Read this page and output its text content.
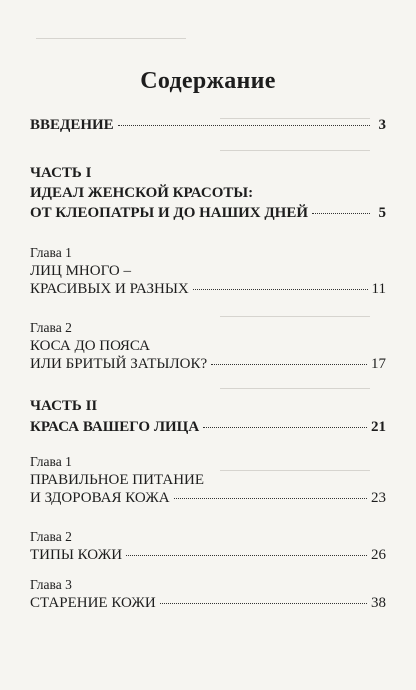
Содержание
ВВЕДЕНИЕ	3
ЧАСТЬ I
ИДЕАЛ ЖЕНСКОЙ КРАСОТЫ:
ОТ КЛЕОПАТРЫ И ДО НАШИХ ДНЕЙ	5
Глава 1
ЛИЦ МНОГО –
КРАСИВЫХ И РАЗНЫХ	11
Глава 2
КОСА ДО ПОЯСА
ИЛИ БРИТЫЙ ЗАТЫЛОК?	17
ЧАСТЬ II
КРАСА ВАШЕГО ЛИЦА	21
Глава 1
ПРАВИЛЬНОЕ ПИТАНИЕ
И ЗДОРОВАЯ КОЖА	23
Глава 2
ТИПЫ КОЖИ	26
Глава 3
СТАРЕНИЕ КОЖИ	38
